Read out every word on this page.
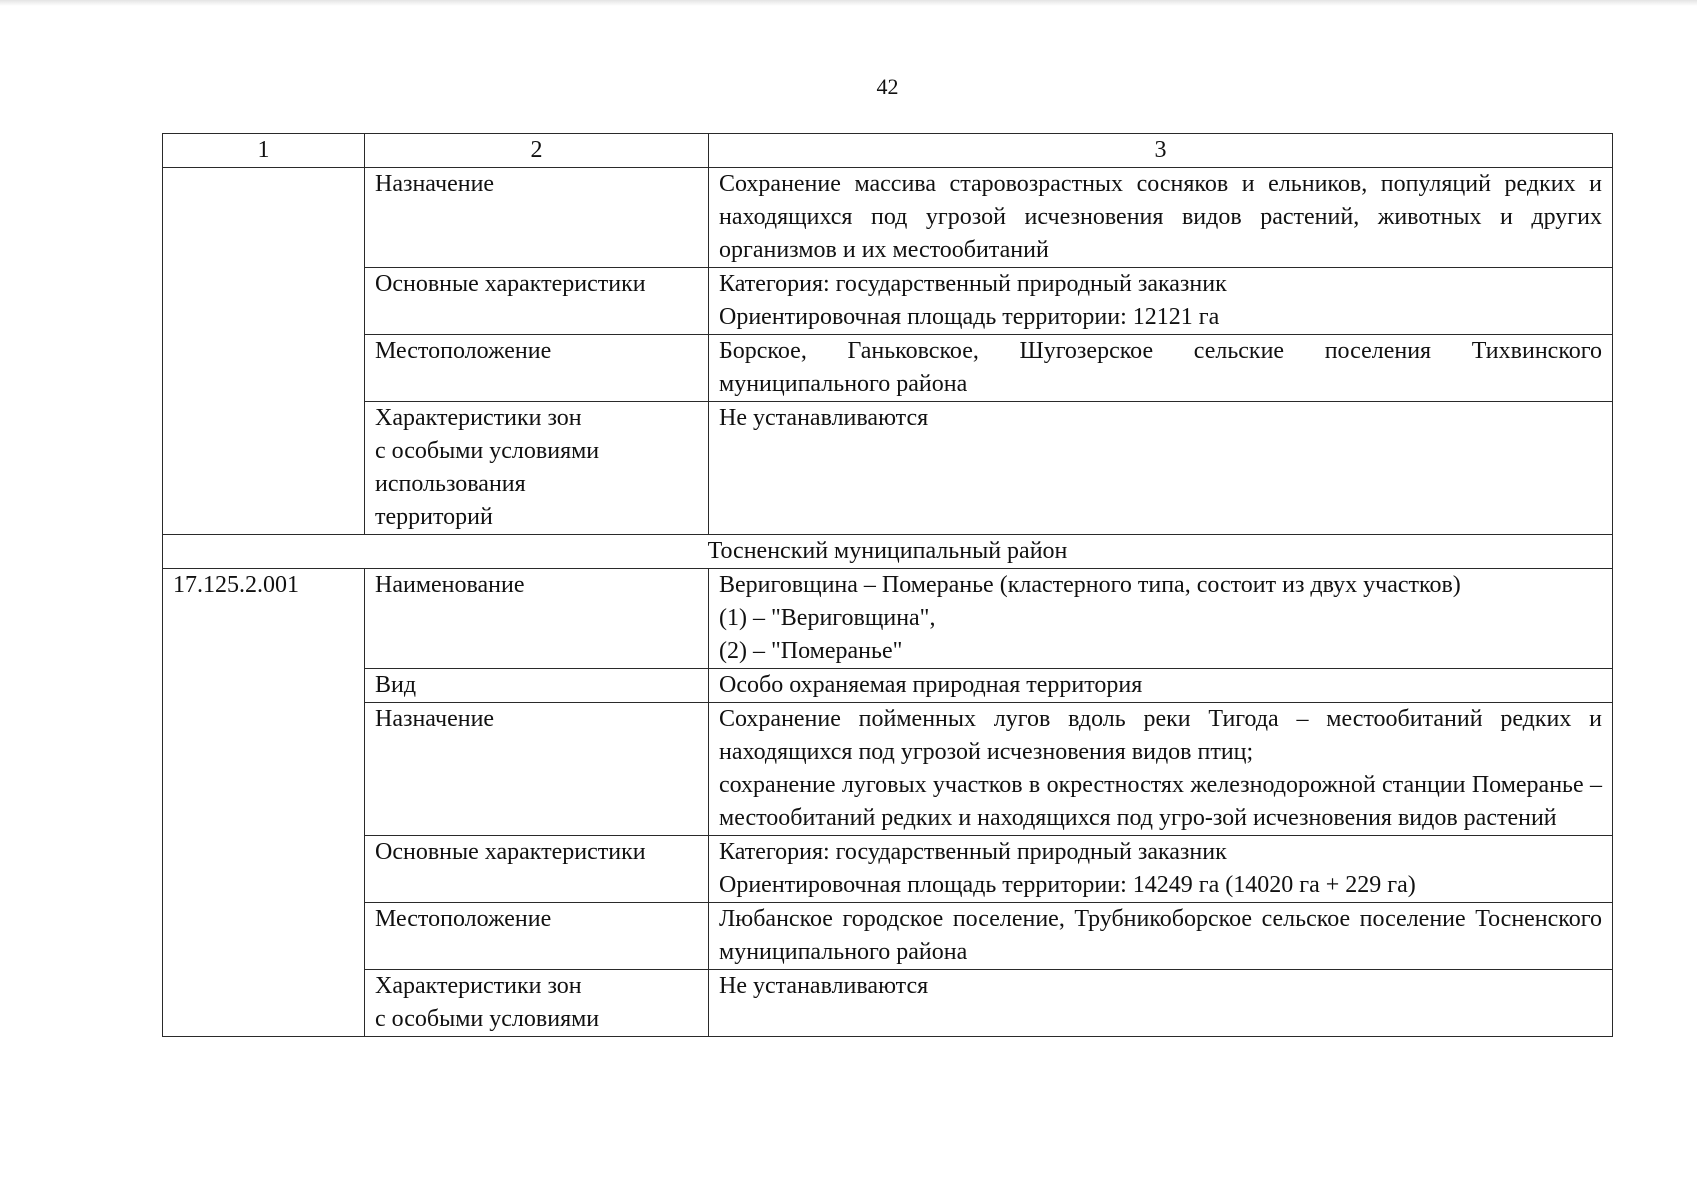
42
1	2	3
	Назначение	Сохранение массива старовозрастных сосняков и ельников, популяций редких и находящихся под угрозой исчезновения видов растений, животных и других организмов и их местообитаний
	Основные характеристики	Категория: государственный природный заказник
Ориентировочная площадь территории: 12121 га

	Местоположение	Борское, Ганьковское, Шугозерское сельские поселения Тихвинского муниципального района

	Характеристики зон
с особыми условиями
использования
территорий	Не устанавливаются
Тосненский муниципальный район		
17.125.2.001	Наименование	Вериговщина – Померанье (кластерного типа, состоит из двух участков)
(1) – "Вериговщина",
(2) – "Померанье"

	Вид	Особо охраняемая природная территория
	Назначение	Сохранение пойменных лугов вдоль реки Тигода – местообитаний редких и находящихся под угрозой исчезновения видов птиц;
сохранение луговых участков в окрестностях железнодорожной станции Померанье – местообитаний редких и находящихся под угро-зой исчезновения видов растений

	Основные характеристики	Категория: государственный природный заказник
Ориентировочная площадь территории: 14249 га (14020 га + 229 га)

	Местоположение	Любанское городское поселение, Трубникоборское сельское поселение Тосненского муниципального района

	Характеристики зон
с особыми условиями	Не устанавливаются
